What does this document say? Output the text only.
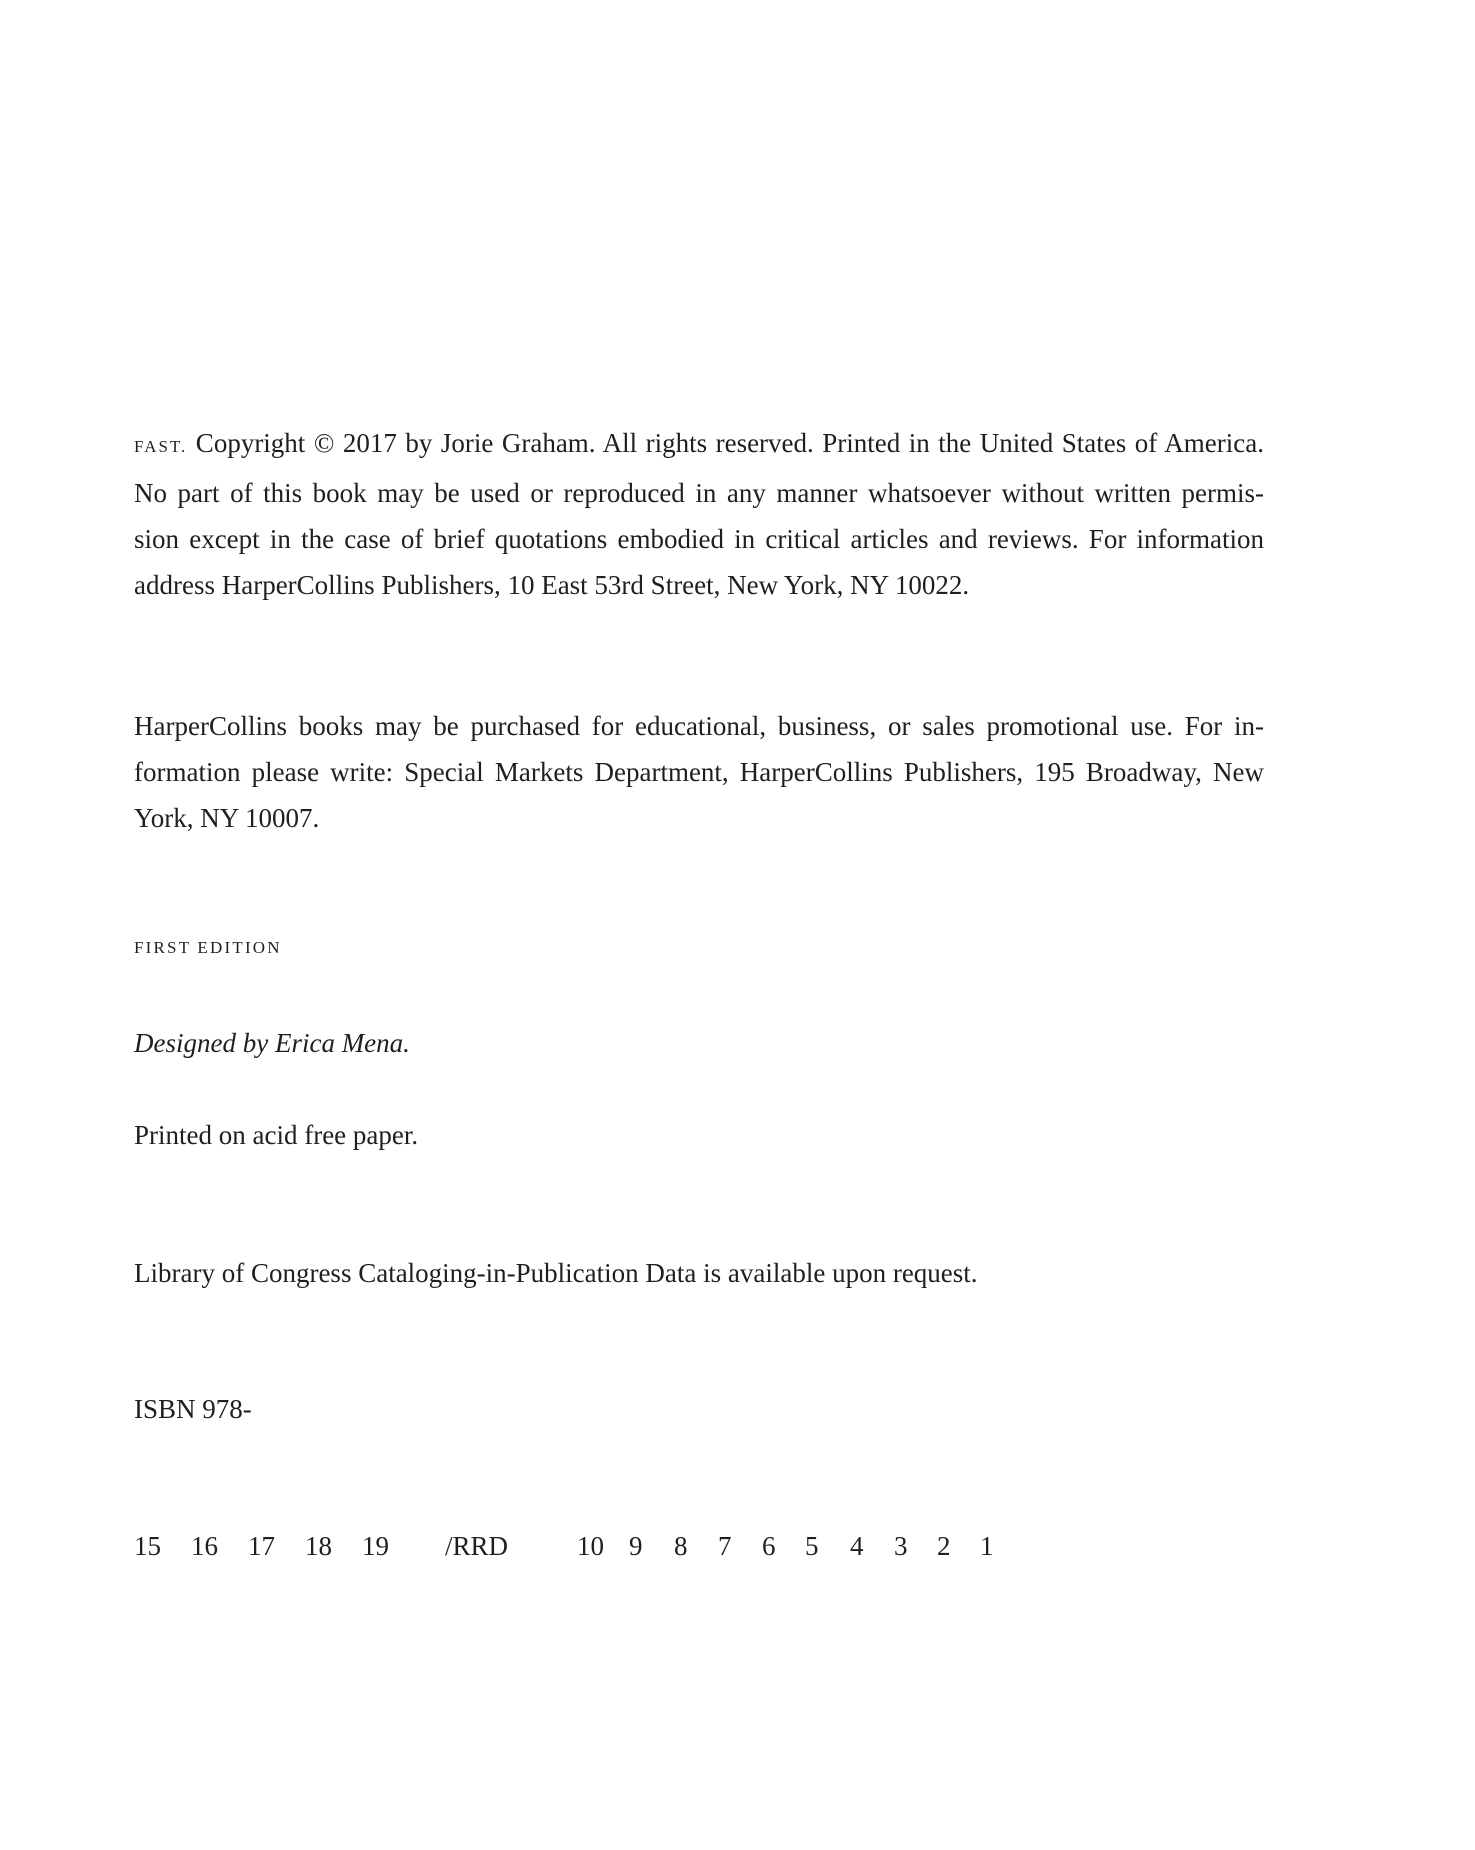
FAST. Copyright © 2017 by Jorie Graham. All rights reserved. Printed in the United States of America.
No part of this book may be used or reproduced in any manner whatsoever without written permis-
sion except in the case of brief quotations embodied in critical articles and reviews. For information
address HarperCollins Publishers, 10 East 53rd Street, New York, NY 10022.
HarperCollins books may be purchased for educational, business, or sales promotional use. For in-
formation please write: Special Markets Department, HarperCollins Publishers, 195 Broadway, New
York, NY 10007.

FIRST EDITION

Designed by Erica Mena.

Printed on acid free paper.

Library of Congress Cataloging-in-Publication Data is available upon request.

ISBN 978-

15 16 17 18 19 /RRD	10 9 8 7 6 5 4 3 2 1
